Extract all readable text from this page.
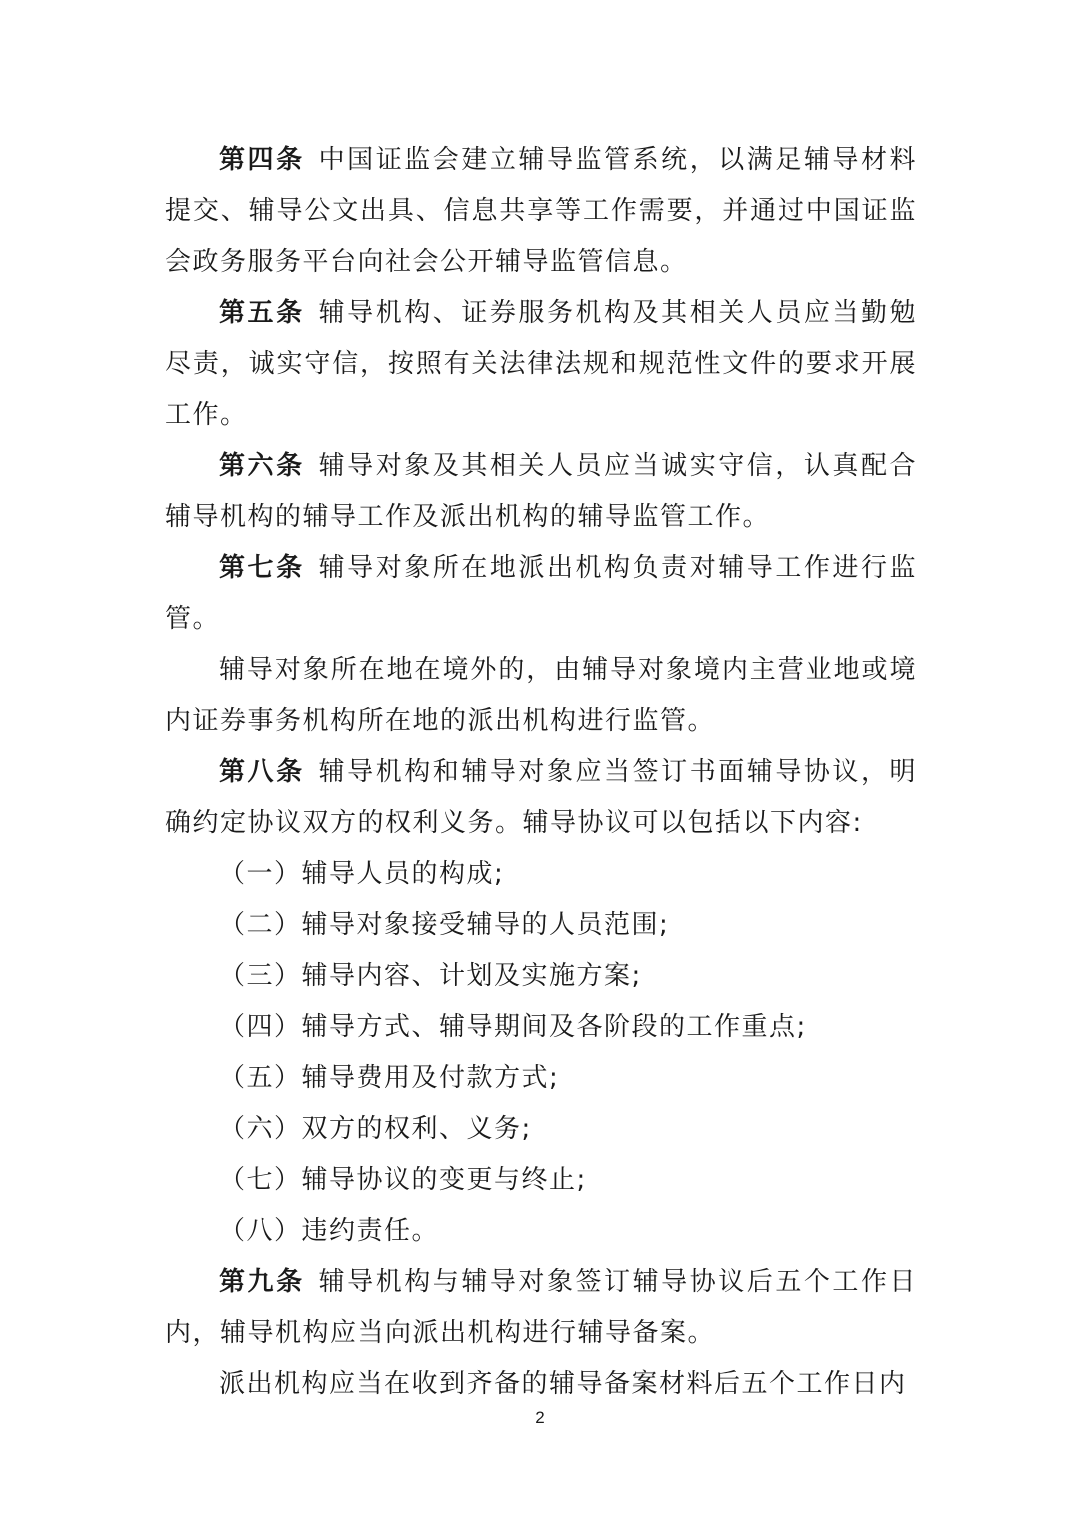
第四条 中国证监会建立辅导监管系统，以满足辅导材料提交、辅导公文出具、信息共享等工作需要，并通过中国证监会政务服务平台向社会公开辅导监管信息。

第五条 辅导机构、证券服务机构及其相关人员应当勤勉尽责，诚实守信，按照有关法律法规和规范性文件的要求开展工作。

第六条 辅导对象及其相关人员应当诚实守信，认真配合辅导机构的辅导工作及派出机构的辅导监管工作。

第七条 辅导对象所在地派出机构负责对辅导工作进行监管。

辅导对象所在地在境外的，由辅导对象境内主营业地或境内证券事务机构所在地的派出机构进行监管。

第八条 辅导机构和辅导对象应当签订书面辅导协议，明确约定协议双方的权利义务。辅导协议可以包括以下内容:

（一）辅导人员的构成;

（二）辅导对象接受辅导的人员范围;

（三）辅导内容、计划及实施方案;

（四）辅导方式、辅导期间及各阶段的工作重点;

（五）辅导费用及付款方式;

（六）双方的权利、义务;

（七）辅导协议的变更与终止;

（八）违约责任。

第九条 辅导机构与辅导对象签订辅导协议后五个工作日内，辅导机构应当向派出机构进行辅导备案。

派出机构应当在收到齐备的辅导备案材料后五个工作日内

2
